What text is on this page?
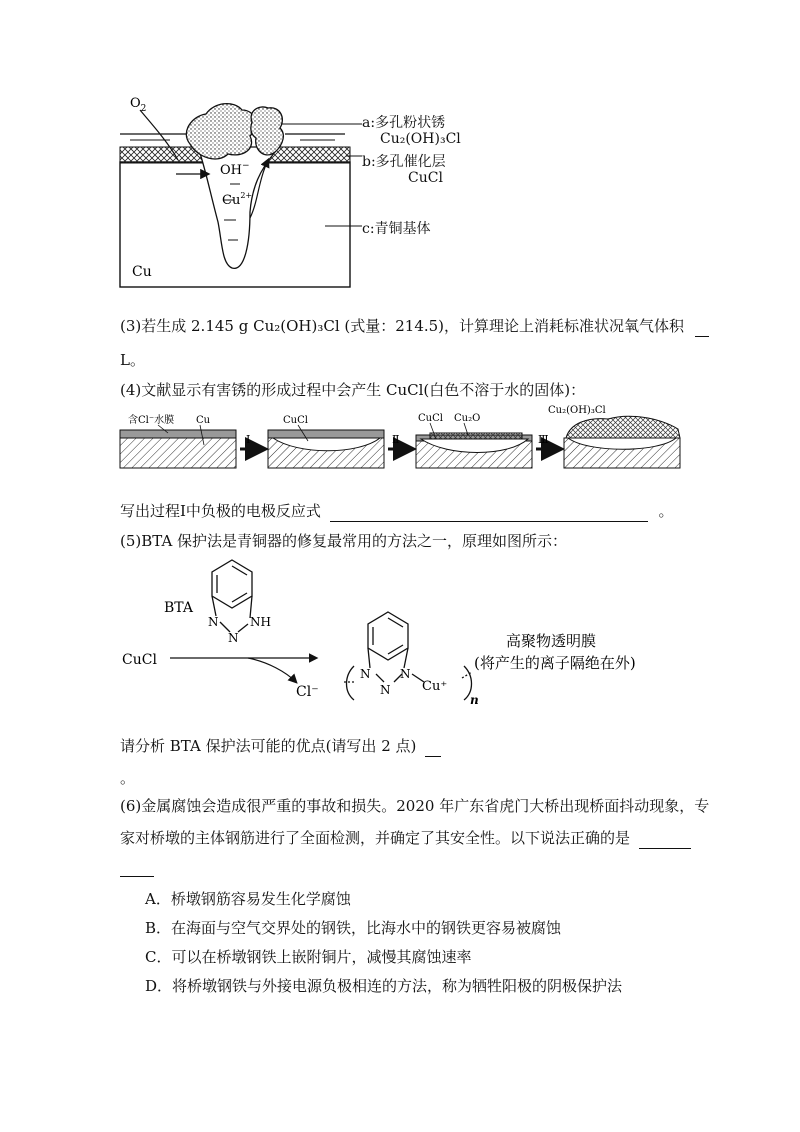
$O_2$
OH−
$Cu^{2+}$
Cu
a:多孔粉状锈
Cu₂(OH)₃Cl
b:多孔催化层
CuCl
c:青铜基体
(3)若生成 2.145 g Cu₂(OH)₃Cl (式量：214.5)，计算理论上消耗标准状况氧气体积
L。
(4)文献显示有害锈的形成过程中会产生 CuCl(白色不溶于水的固体)：
含Cl⁻水膜 Cu
Ⅰ
CuCl
Ⅱ
CuCl Cu₂O
Ⅲ
Cu₂(OH)₃Cl
写出过程Ⅰ中负极的电极反应式	。
(5)BTA 保护法是青铜器的修复最常用的方法之一，原理如图所示：
BTA
N
N
NH
CuCl
Cl⁻
N
N
N
Cu⁺
n
高聚物透明膜
(将产生的离子隔绝在外)
请分析 BTA 保护法可能的优点(请写出 2 点)
。
(6)金属腐蚀会造成很严重的事故和损失。2020 年广东省虎门大桥出现桥面抖动现象，专
家对桥墩的主体钢筋进行了全面检测，并确定了其安全性。以下说法正确的是
A．桥墩钢筋容易发生化学腐蚀
B．在海面与空气交界处的钢铁，比海水中的钢铁更容易被腐蚀
C．可以在桥墩钢铁上嵌附铜片，减慢其腐蚀速率
D．将桥墩钢铁与外接电源负极相连的方法，称为牺牲阳极的阴极保护法
